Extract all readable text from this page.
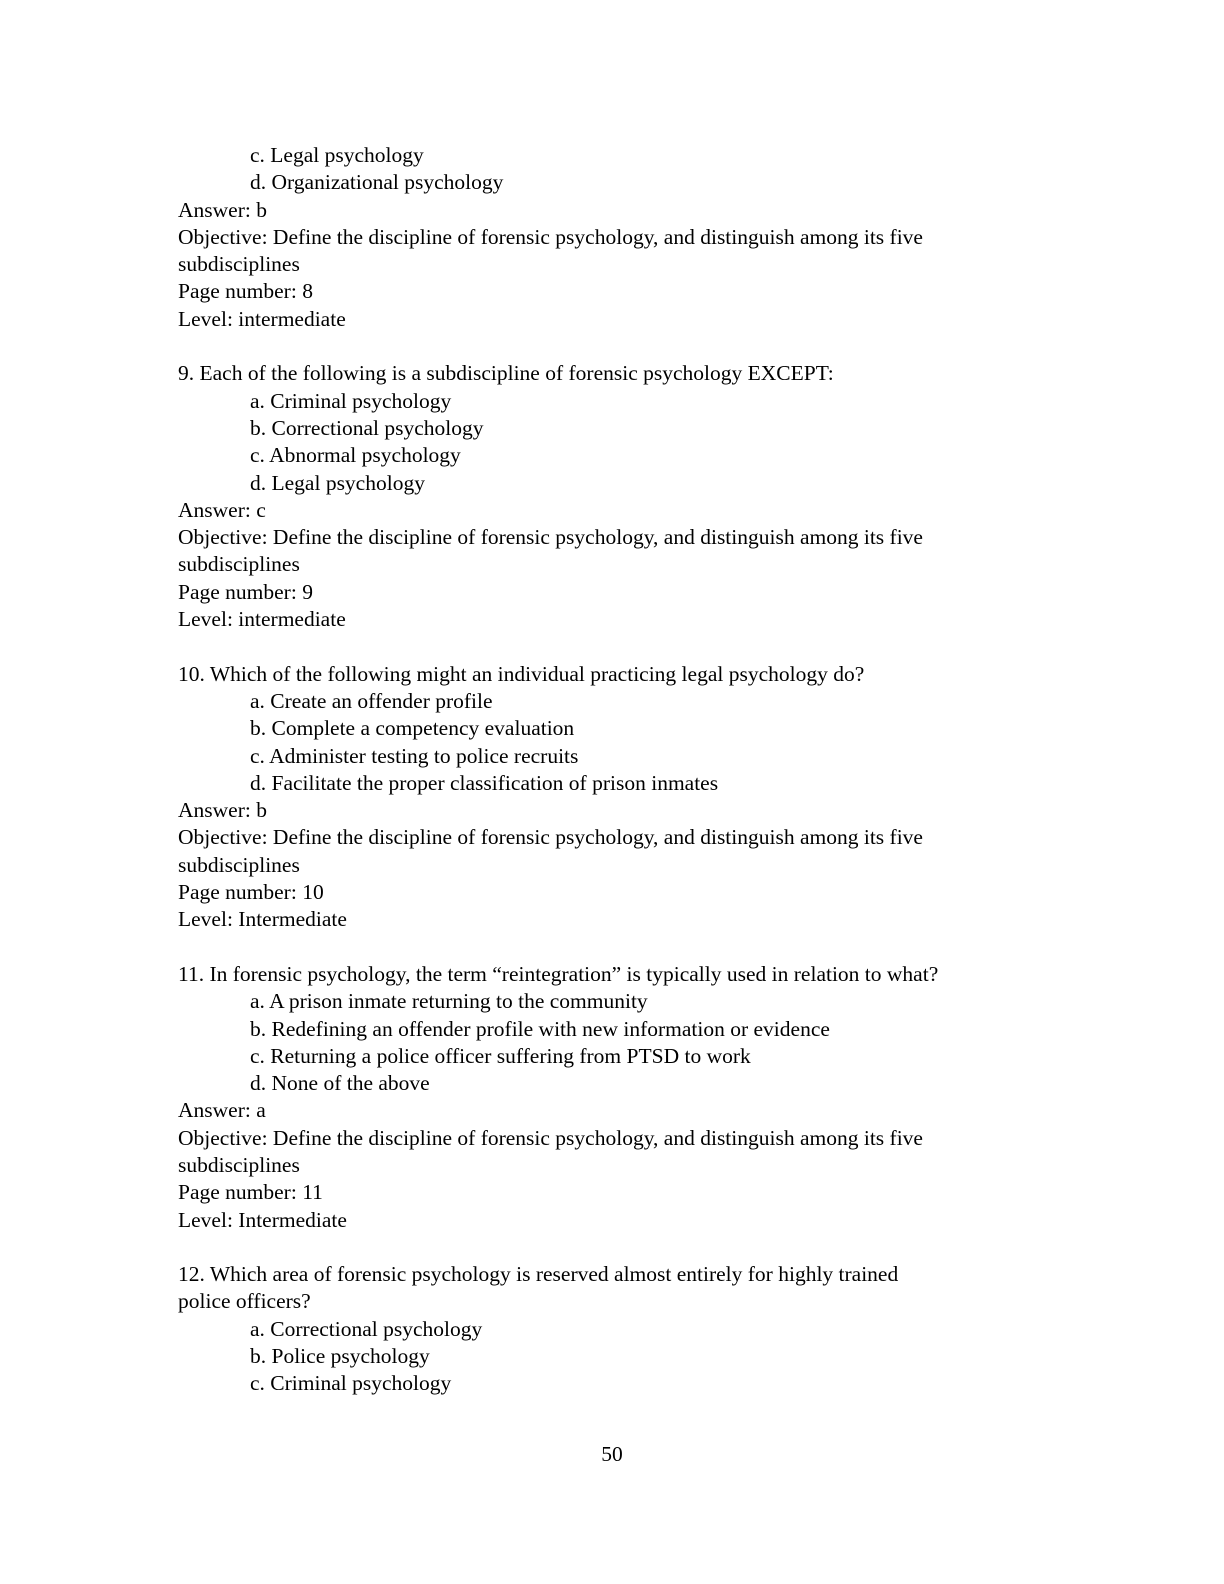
c. Legal psychology

d. Organizational psychology

Answer: b

Objective: Define the discipline of forensic psychology, and distinguish among its five

subdisciplines

Page number: 8

Level: intermediate

9. Each of the following is a subdiscipline of forensic psychology EXCEPT:

a. Criminal psychology

b. Correctional psychology

c. Abnormal psychology

d. Legal psychology

Answer: c

Objective: Define the discipline of forensic psychology, and distinguish among its five

subdisciplines

Page number: 9

Level: intermediate

10. Which of the following might an individual practicing legal psychology do?

a. Create an offender profile

b. Complete a competency evaluation

c. Administer testing to police recruits

d. Facilitate the proper classification of prison inmates

Answer: b

Objective: Define the discipline of forensic psychology, and distinguish among its five

subdisciplines

Page number: 10

Level: Intermediate

11. In forensic psychology, the term “reintegration” is typically used in relation to what?

a. A prison inmate returning to the community

b. Redefining an offender profile with new information or evidence

c. Returning a police officer suffering from PTSD to work

d. None of the above

Answer: a

Objective: Define the discipline of forensic psychology, and distinguish among its five

subdisciplines

Page number: 11

Level: Intermediate

12. Which area of forensic psychology is reserved almost entirely for highly trained

police officers?

a. Correctional psychology

b. Police psychology

c. Criminal psychology

50
